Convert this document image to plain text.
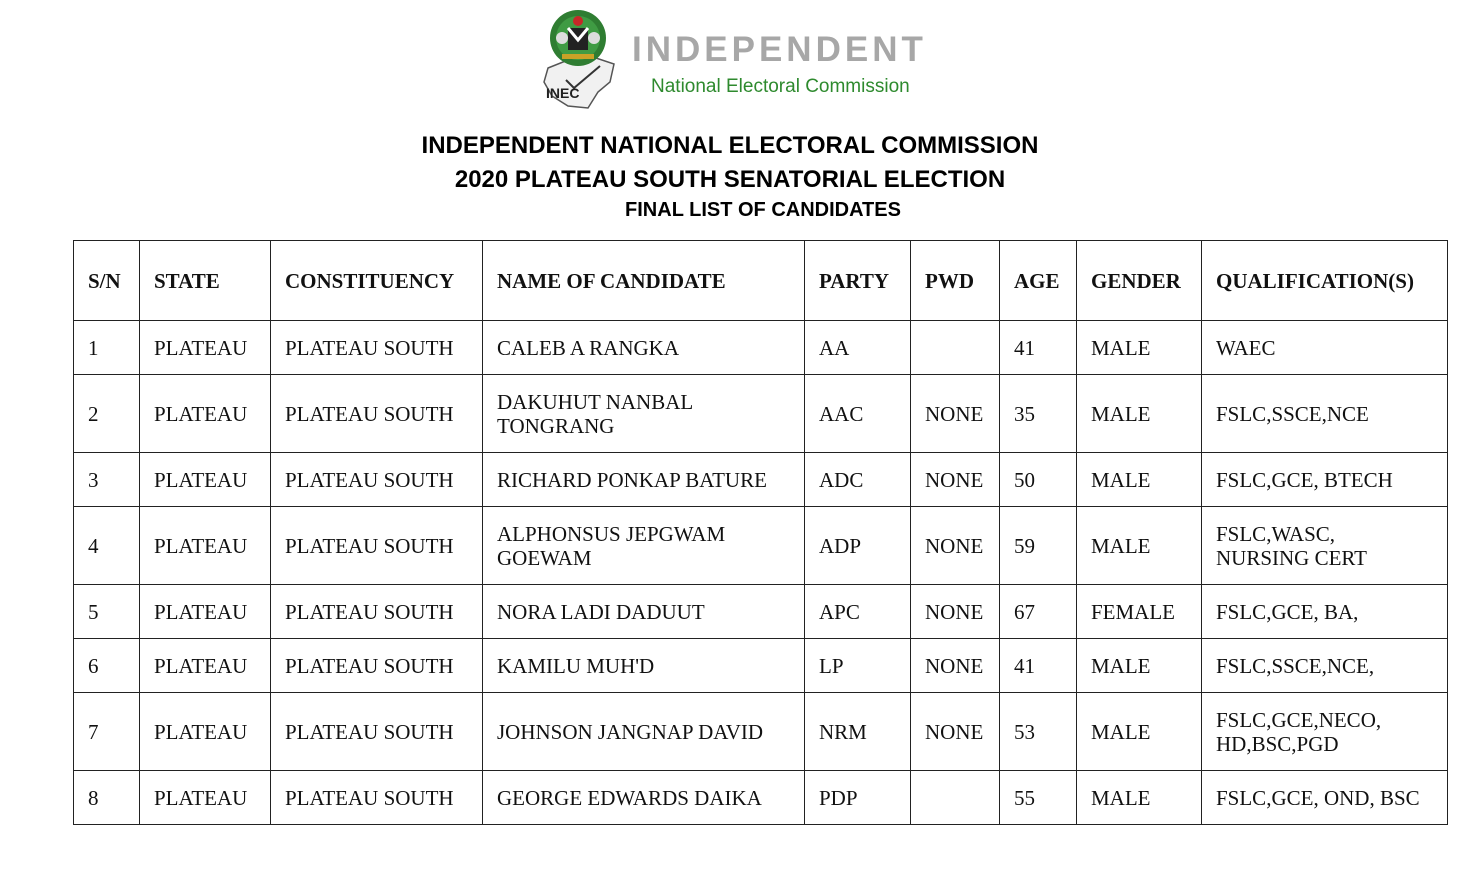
INEC
INDEPENDENT
National Electoral Commission
INDEPENDENT NATIONAL ELECTORAL COMMISSION
2020 PLATEAU SOUTH SENATORIAL ELECTION
FINAL LIST OF CANDIDATES
S/N	STATE	CONSTITUENCY	NAME OF CANDIDATE	PARTY	PWD	AGE	GENDER	QUALIFICATION(S)
1	PLATEAU	PLATEAU SOUTH	CALEB A RANGKA	AA		41	MALE	WAEC
2	PLATEAU	PLATEAU SOUTH	DAKUHUT NANBAL TONGRANG	AAC	NONE	35	MALE	FSLC,SSCE,NCE
3	PLATEAU	PLATEAU SOUTH	RICHARD PONKAP BATURE	ADC	NONE	50	MALE	FSLC,GCE, BTECH
4	PLATEAU	PLATEAU SOUTH	ALPHONSUS JEPGWAM GOEWAM	ADP	NONE	59	MALE	FSLC,WASC, NURSING CERT
5	PLATEAU	PLATEAU SOUTH	NORA LADI DADUUT	APC	NONE	67	FEMALE	FSLC,GCE, BA,
6	PLATEAU	PLATEAU SOUTH	KAMILU MUH'D	LP	NONE	41	MALE	FSLC,SSCE,NCE,
7	PLATEAU	PLATEAU SOUTH	JOHNSON JANGNAP DAVID	NRM	NONE	53	MALE	FSLC,GCE,NECO, HD,BSC,PGD
8	PLATEAU	PLATEAU SOUTH	GEORGE EDWARDS DAIKA	PDP		55	MALE	FSLC,GCE, OND, BSC
